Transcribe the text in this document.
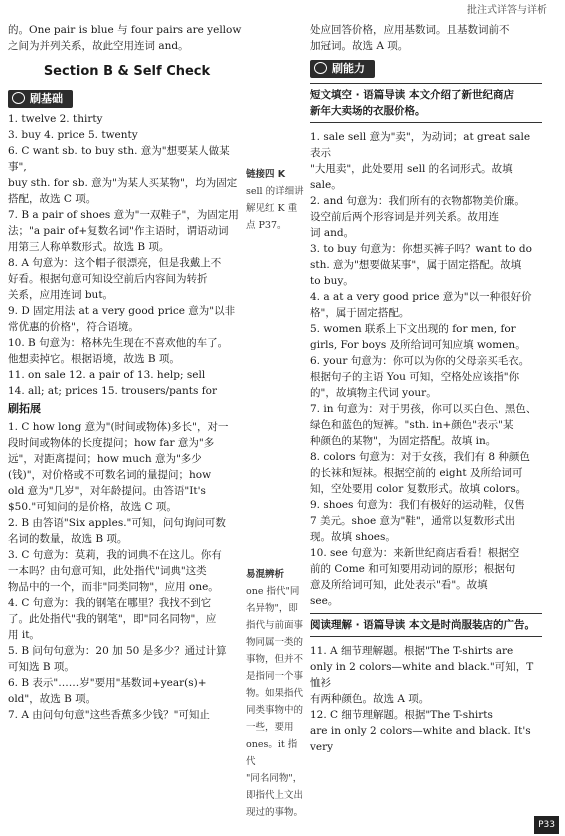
批注式详答与详析

的。One pair is blue 与 four pairs are yellow

之间为并列关系，故此空用连词 and。

Section B & Self Check
刷基础

1. twelve 2. thirty

3. buy 4. price 5. twenty

6. C want sb. to buy sth. 意为"想要某人做某事",

buy sth. for sb. 意为"为某人买某物"，均为固定

搭配，故选 C 项。

7. B a pair of shoes 意为"一双鞋子"，为固定用

法；"a pair of+复数名词"作主语时，谓语动词

用第三人称单数形式。故选 B 项。

8. A 句意为：这个帽子很漂亮，但是我戴上不

好看。根据句意可知设空前后内容间为转折

关系，应用连词 but。

9. D 固定用法 at a very good price 意为"以非

常优惠的价格"，符合语境。

10. B 句意为：格林先生现在不喜欢他的车了。

他想卖掉它。根据语境，故选 B 项。

11. on sale 12. a pair of 13. help; sell

14. all; at; prices 15. trousers/pants for

刷拓展

1. C how long 意为"(时间或物体)多长"，对一

段时间或物体的长度提问；how far 意为"多

远"，对距离提问；how much 意为"多少

(钱)"，对价格或不可数名词的量提问；how

old 意为"几岁"，对年龄提问。由答语"It's

$50."可知问的是价格，故选 C 项。

2. B 由答语"Six apples."可知，问句询问可数

名词的数量，故选 B 项。

3. C 句意为：莫莉，我的词典不在这儿。你有

一本吗？由句意可知，此处指代"词典"这类

物品中的一个，而非"同类同物"，应用 one。

4. C 句意为：我的钢笔在哪里？我找不到它

了。此处指代"我的钢笔"，即"同名同物"，应

用 it。

5. B 问句句意为：20 加 50 是多少？通过计算

可知选 B 项。

6. B 表示"……岁"要用"基数词+year(s)+

old"，故选 B 项。

7. A 由问句句意"这些香蕉多少钱？"可知止

链接四 K

sell 的详细讲

解见红 K 重

点 P37。

易混辨析

one 指代"同

名异物"，即

指代与前面事

物同属一类的

事物，但并不

是指同一个事

物。如果指代

同类事物中的

一些，要用

ones。it 指代

"同名同物"，

即指代上文出

现过的事物。

处应回答价格，应用基数词。且基数词前不

加冠词。故选 A 项。

刷能力

短文填空 · 语篇导读 本文介绍了新世纪商店

新年大卖场的衣服价格。

1. sale sell 意为"卖"，为动词；at great sale 表示

"大甩卖"，此处要用 sell 的名词形式。故填

sale。

2. and 句意为：我们所有的衣物都物美价廉。

设空前后两个形容词是并列关系。故用连

词 and。

3. to buy 句意为：你想买裤子吗？want to do

sth. 意为"想要做某事"，属于固定搭配。故填

to buy。

4. a at a very good price 意为"以一种很好价

格"，属于固定搭配。

5. women 联系上下文出现的 for men, for

girls, For boys 及所给词可知应填 women。

6. your 句意为：你可以为你的父母亲买毛衣。

根据句子的主语 You 可知，空格处应该指"你

的"，故填物主代词 your。

7. in 句意为：对于男孩，你可以买白色、黑色、

绿色和蓝色的短裤。"sth. in+颜色"表示"某

种颜色的某物"，为固定搭配。故填 in。

8. colors 句意为：对于女孩，我们有 8 种颜色

的长袜和短袜。根据空前的 eight 及所给词可

知，空处要用 color 复数形式。故填 colors。

9. shoes 句意为：我们有极好的运动鞋，仅售

7 美元。shoe 意为"鞋"，通常以复数形式出

现。故填 shoes。

10. see 句意为：来新世纪商店看看！根据空

前的 Come 和可知要用动词的原形；根据句

意及所给词可知，此处表示"看"。故填

see。

阅读理解 · 语篇导读 本文是时尚服装店的广告。

11. A 细节理解题。根据"The T-shirts are

only in 2 colors—white and black."可知，T 恤衫

有两种颜色。故选 A 项。

12. C 细节理解题。根据"The T-shirts

are in only 2 colors—white and black. It's very

P33
